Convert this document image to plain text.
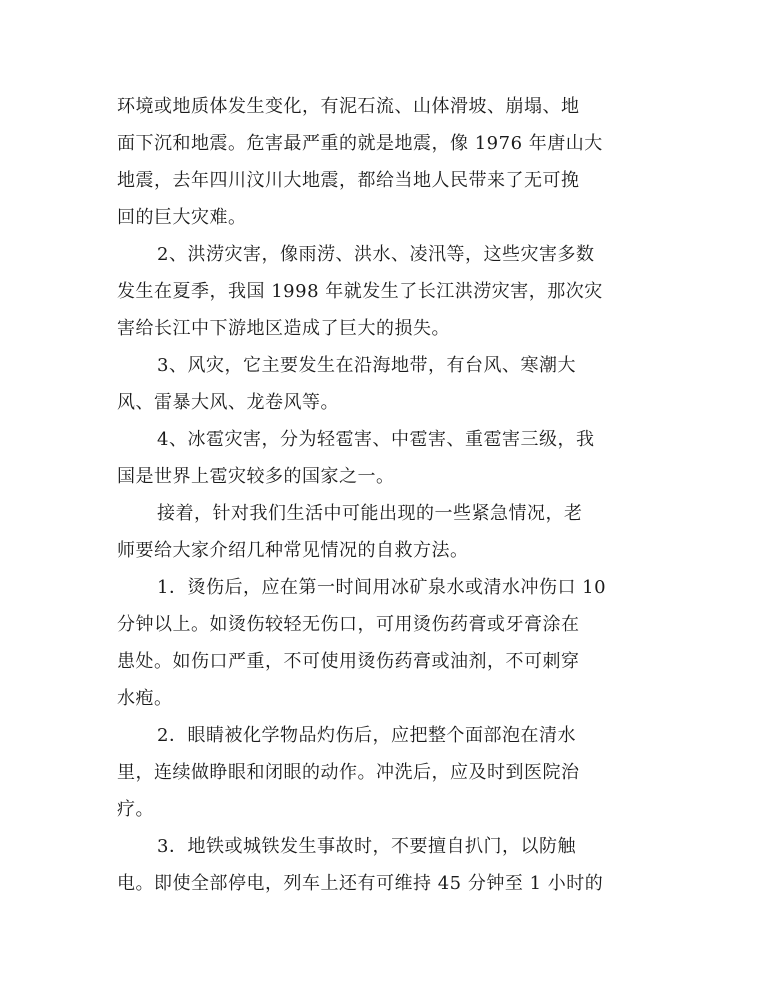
环境或地质体发生变化，有泥石流、山体滑坡、崩塌、地
面下沉和地震。危害最严重的就是地震，像 1976 年唐山大
地震，去年四川汶川大地震，都给当地人民带来了无可挽
回的巨大灾难。
2、洪涝灾害，像雨涝、洪水、凌汛等，这些灾害多数
发生在夏季，我国 1998 年就发生了长江洪涝灾害，那次灾
害给长江中下游地区造成了巨大的损失。
3、风灾，它主要发生在沿海地带，有台风、寒潮大
风、雷暴大风、龙卷风等。
4、冰雹灾害，分为轻雹害、中雹害、重雹害三级，我
国是世界上雹灾较多的国家之一。
接着，针对我们生活中可能出现的一些紧急情况，老
师要给大家介绍几种常见情况的自救方法。
1．烫伤后，应在第一时间用冰矿泉水或清水冲伤口 10
分钟以上。如烫伤较轻无伤口，可用烫伤药膏或牙膏涂在
患处。如伤口严重，不可使用烫伤药膏或油剂，不可刺穿
水疱。
2．眼睛被化学物品灼伤后，应把整个面部泡在清水
里，连续做睁眼和闭眼的动作。冲洗后，应及时到医院治
疗。
3．地铁或城铁发生事故时，不要擅自扒门，以防触
电。即使全部停电，列车上还有可维持 45 分钟至 1 小时的
